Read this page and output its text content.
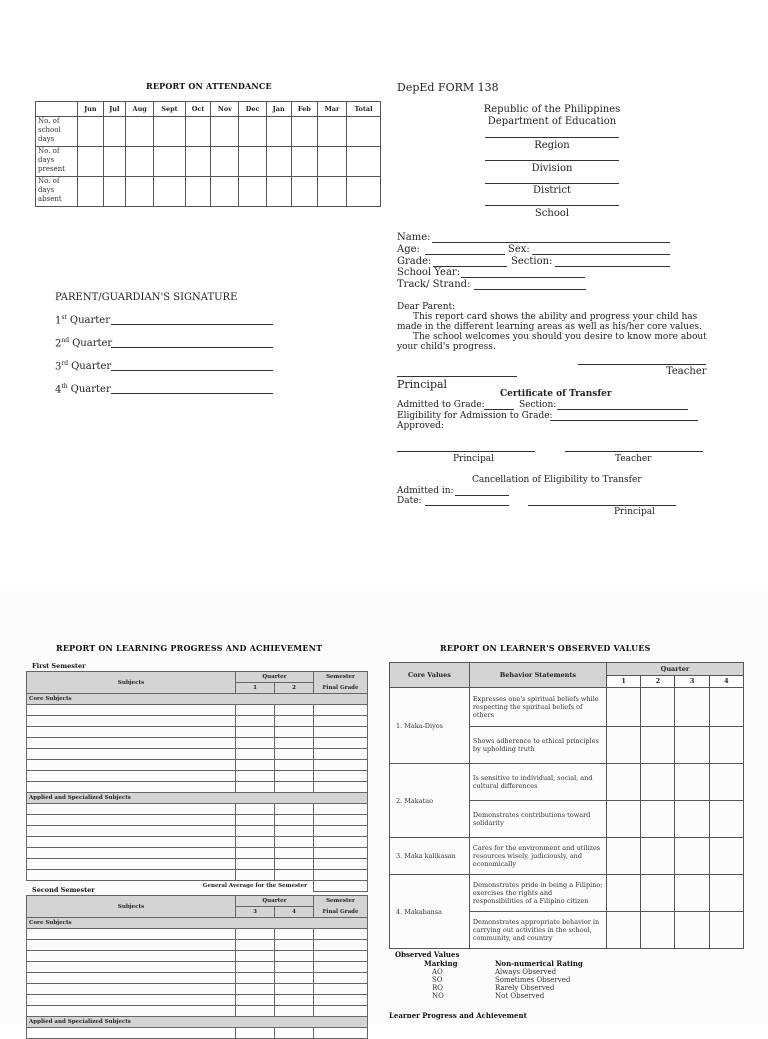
REPORT ON ATTENDANCE
	Jun	Jul	Aug	Sept	Oct	Nov	Dec	Jan	Feb	Mar	Total
No. of school days											
No. of days present											
No. of days absent											
PARENT/GUARDIAN'S SIGNATURE
1st Quarter
2nd Quarter
3rd Quarter
4th Quarter
DepEd FORM 138
Republic of the Philippines
Department of Education
Region
Division
District
School
Name:
Age:	Sex:
Grade:	Section:
School Year:
Track/ Strand:
Dear Parent:
This report card shows the ability and progress your child has
made in the different learning areas as well as his/her core values.
The school welcomes you should you desire to know more about
your child's progress.
Teacher
Principal
Certificate of Transfer
Admitted to Grade:	Section:
Eligibility for Admission to Grade:
Approved:
Principal	Teacher
Cancellation of Eligibility to Transfer
Admitted in:
Date:
Principal
REPORT ON LEARNING PROGRESS AND ACHIEVEMENT
First Semester
Subjects	Quarter		Semester
	1	2	Final Grade
Core Subjects			

Applied and Specialized Subjects			

General Average for the Semester			
Second Semester
Subjects	Quarter		Semester
	3	4	Final Grade
Core Subjects			

Applied and Specialized Subjects			

REPORT ON LEARNER'S OBSERVED VALUES
Core Values	Behavior Statements	Quarter			
		1	2	3	4
1. Maka-Diyos	Expresses one's spiritual beliefs while respecting the spiritual beliefs of others				
	Shows adherence to ethical principles by upholding truth				
2. Makatao	Is sensitive to individual, social, and cultural differences				
	Demonstrates contributions toward solidarity				
3. Maka kalikasan	Cares for the environment and utilizes resources wisely, judiciously, and economically				
4. Makabansa	Demonstrates pride in being a Filipino; exercises the rights and responsibilities of a Filipino citizen				
	Demonstrates appropriate behavior in carrying out activities in the school, community, and country				
Observed Values
Marking	Non-numerical Rating
AO	Always Observed
SO	Sometimes Observed
RO	Rarely Observed
NO	Not Observed
Learner Progress and Achievement
